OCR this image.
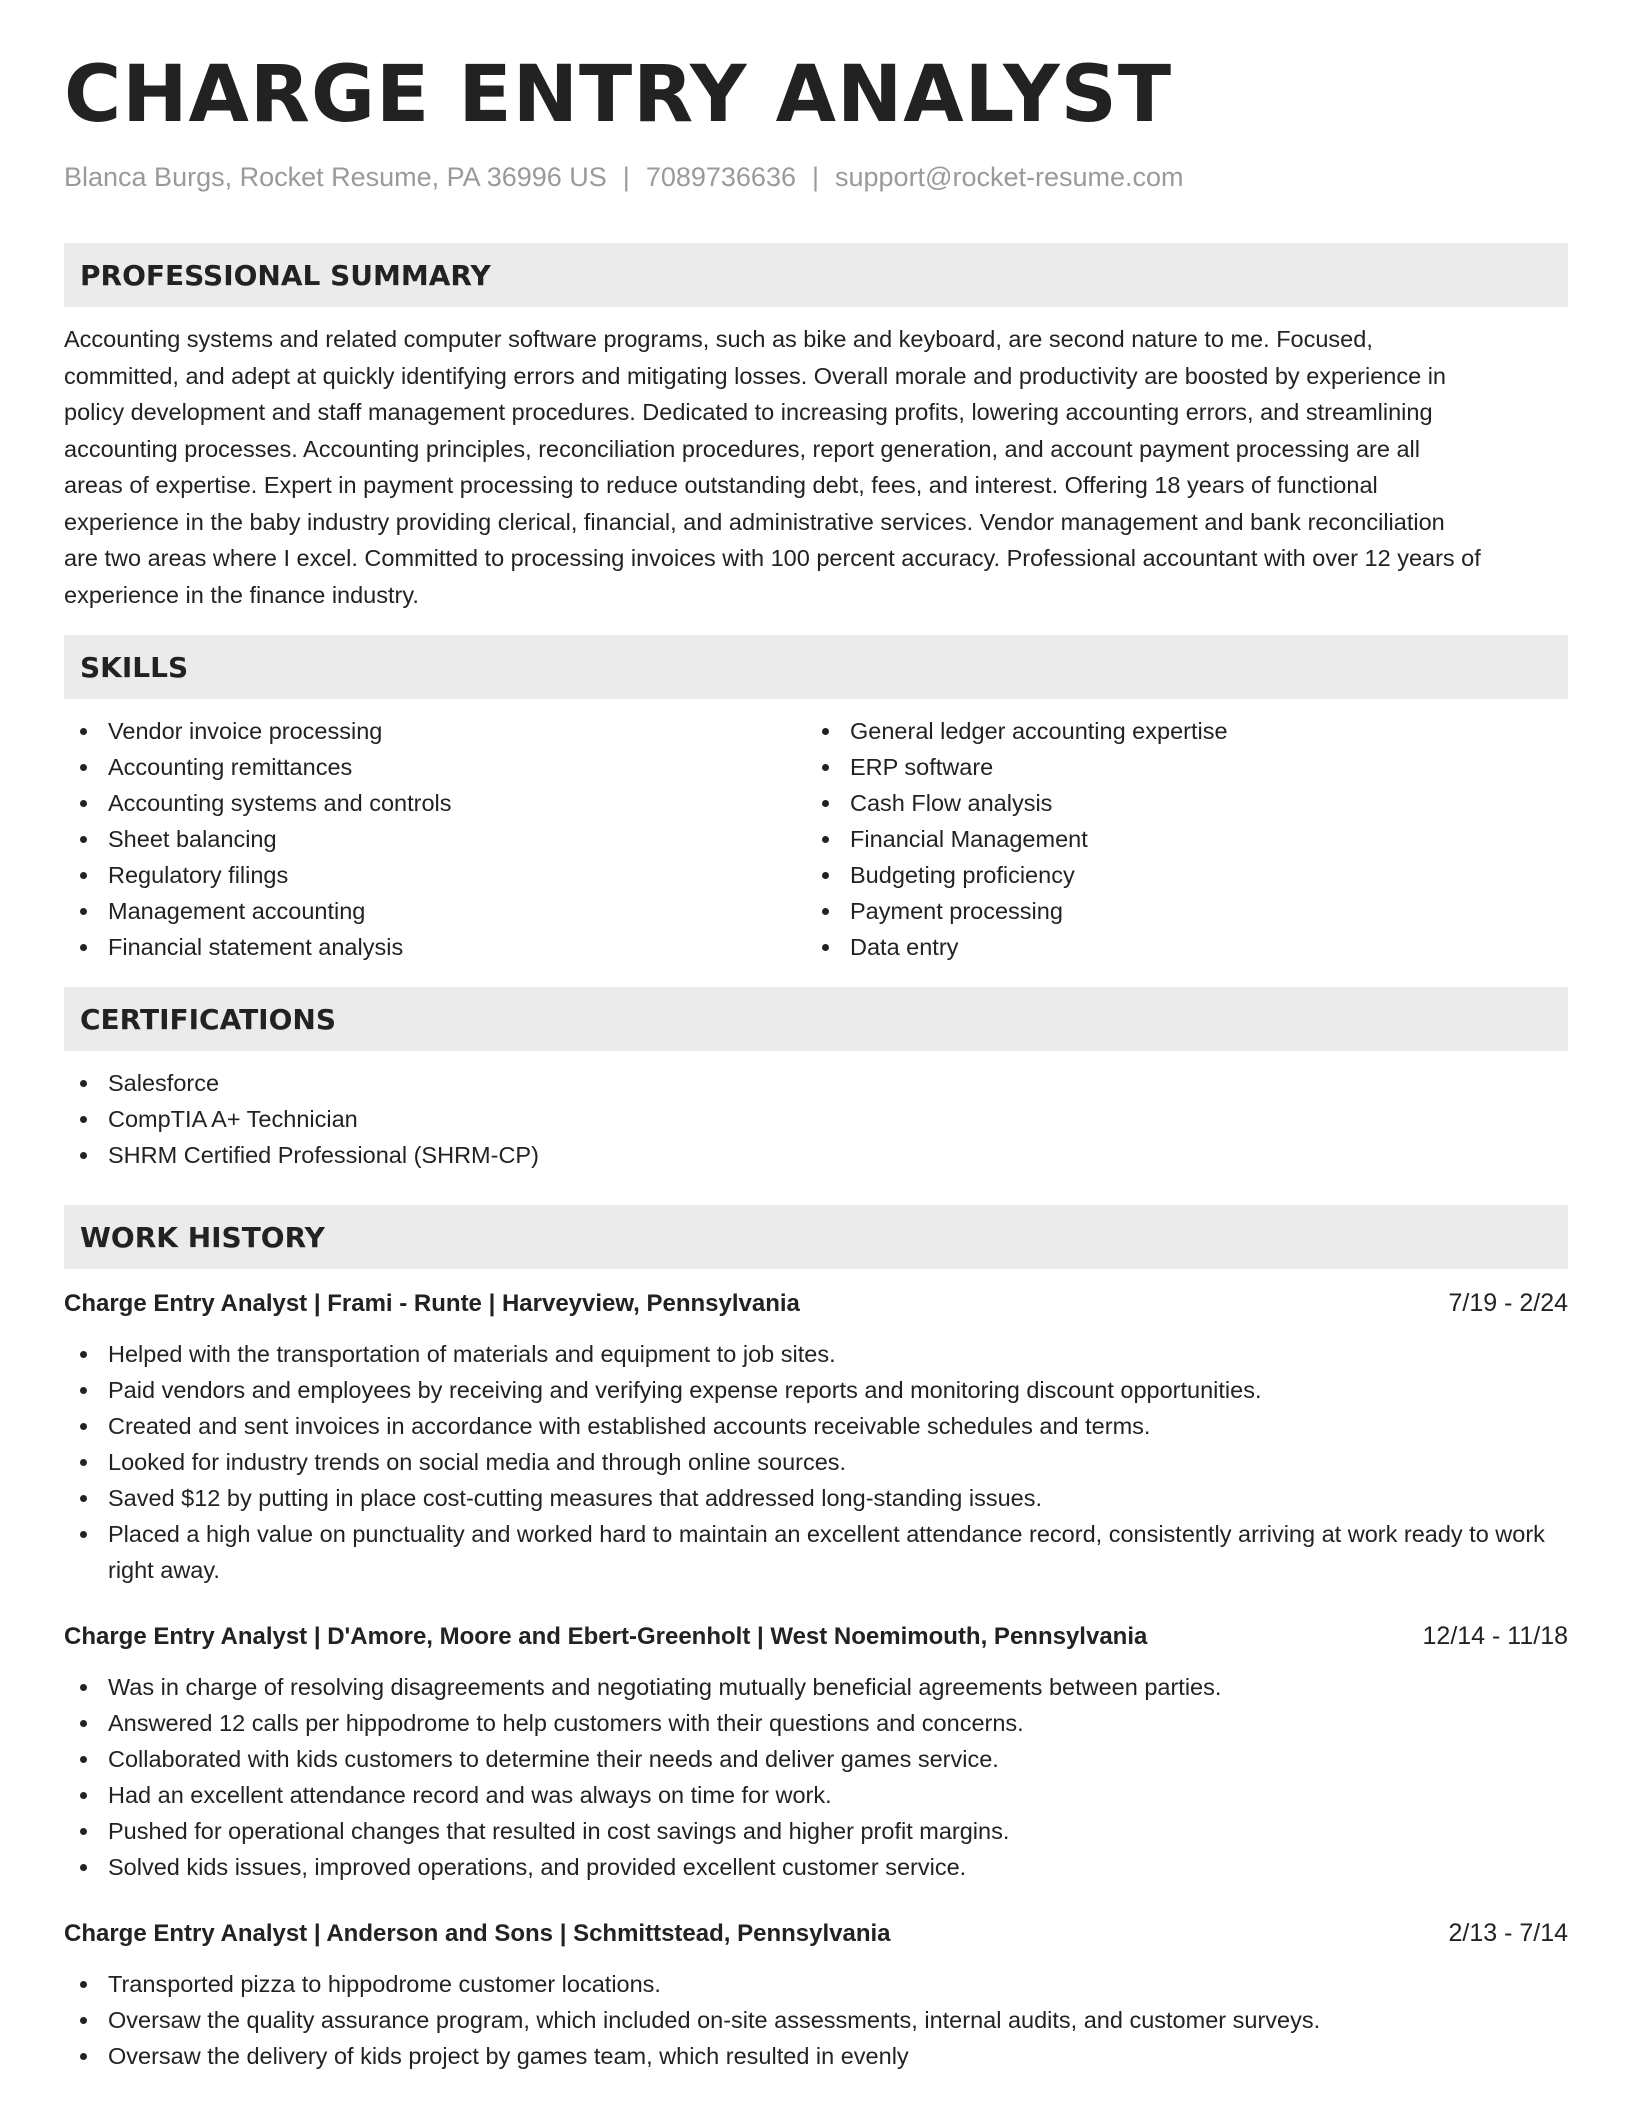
CHARGE ENTRY ANALYST
Blanca Burgs, Rocket Resume, PA 36996 US | 7089736636 | support@rocket-resume.com
PROFESSIONAL SUMMARY
Accounting systems and related computer software programs, such as bike and keyboard, are second nature to me. Focused,
committed, and adept at quickly identifying errors and mitigating losses. Overall morale and productivity are boosted by experience in
policy development and staff management procedures. Dedicated to increasing profits, lowering accounting errors, and streamlining
accounting processes. Accounting principles, reconciliation procedures, report generation, and account payment processing are all
areas of expertise. Expert in payment processing to reduce outstanding debt, fees, and interest. Offering 18 years of functional
experience in the baby industry providing clerical, financial, and administrative services. Vendor management and bank reconciliation
are two areas where I excel. Committed to processing invoices with 100 percent accuracy. Professional accountant with over 12 years of
experience in the finance industry.
SKILLS
Vendor invoice processing
Accounting remittances
Accounting systems and controls
Sheet balancing
Regulatory filings
Management accounting
Financial statement analysis
General ledger accounting expertise
ERP software
Cash Flow analysis
Financial Management
Budgeting proficiency
Payment processing
Data entry
CERTIFICATIONS
Salesforce
CompTIA A+ Technician
SHRM Certified Professional (SHRM-CP)
WORK HISTORY
Charge Entry Analyst | Frami - Runte | Harveyview, Pennsylvania	7/19 - 2/24
Helped with the transportation of materials and equipment to job sites.
Paid vendors and employees by receiving and verifying expense reports and monitoring discount opportunities.
Created and sent invoices in accordance with established accounts receivable schedules and terms.
Looked for industry trends on social media and through online sources.
Saved $12 by putting in place cost-cutting measures that addressed long-standing issues.
Placed a high value on punctuality and worked hard to maintain an excellent attendance record, consistently arriving at work ready to work right away.
Charge Entry Analyst | D'Amore, Moore and Ebert-Greenholt | West Noemimouth, Pennsylvania	12/14 - 11/18
Was in charge of resolving disagreements and negotiating mutually beneficial agreements between parties.
Answered 12 calls per hippodrome to help customers with their questions and concerns.
Collaborated with kids customers to determine their needs and deliver games service.
Had an excellent attendance record and was always on time for work.
Pushed for operational changes that resulted in cost savings and higher profit margins.
Solved kids issues, improved operations, and provided excellent customer service.
Charge Entry Analyst | Anderson and Sons | Schmittstead, Pennsylvania	2/13 - 7/14
Transported pizza to hippodrome customer locations.
Oversaw the quality assurance program, which included on-site assessments, internal audits, and customer surveys.
Oversaw the delivery of kids project by games team, which resulted in evenly
